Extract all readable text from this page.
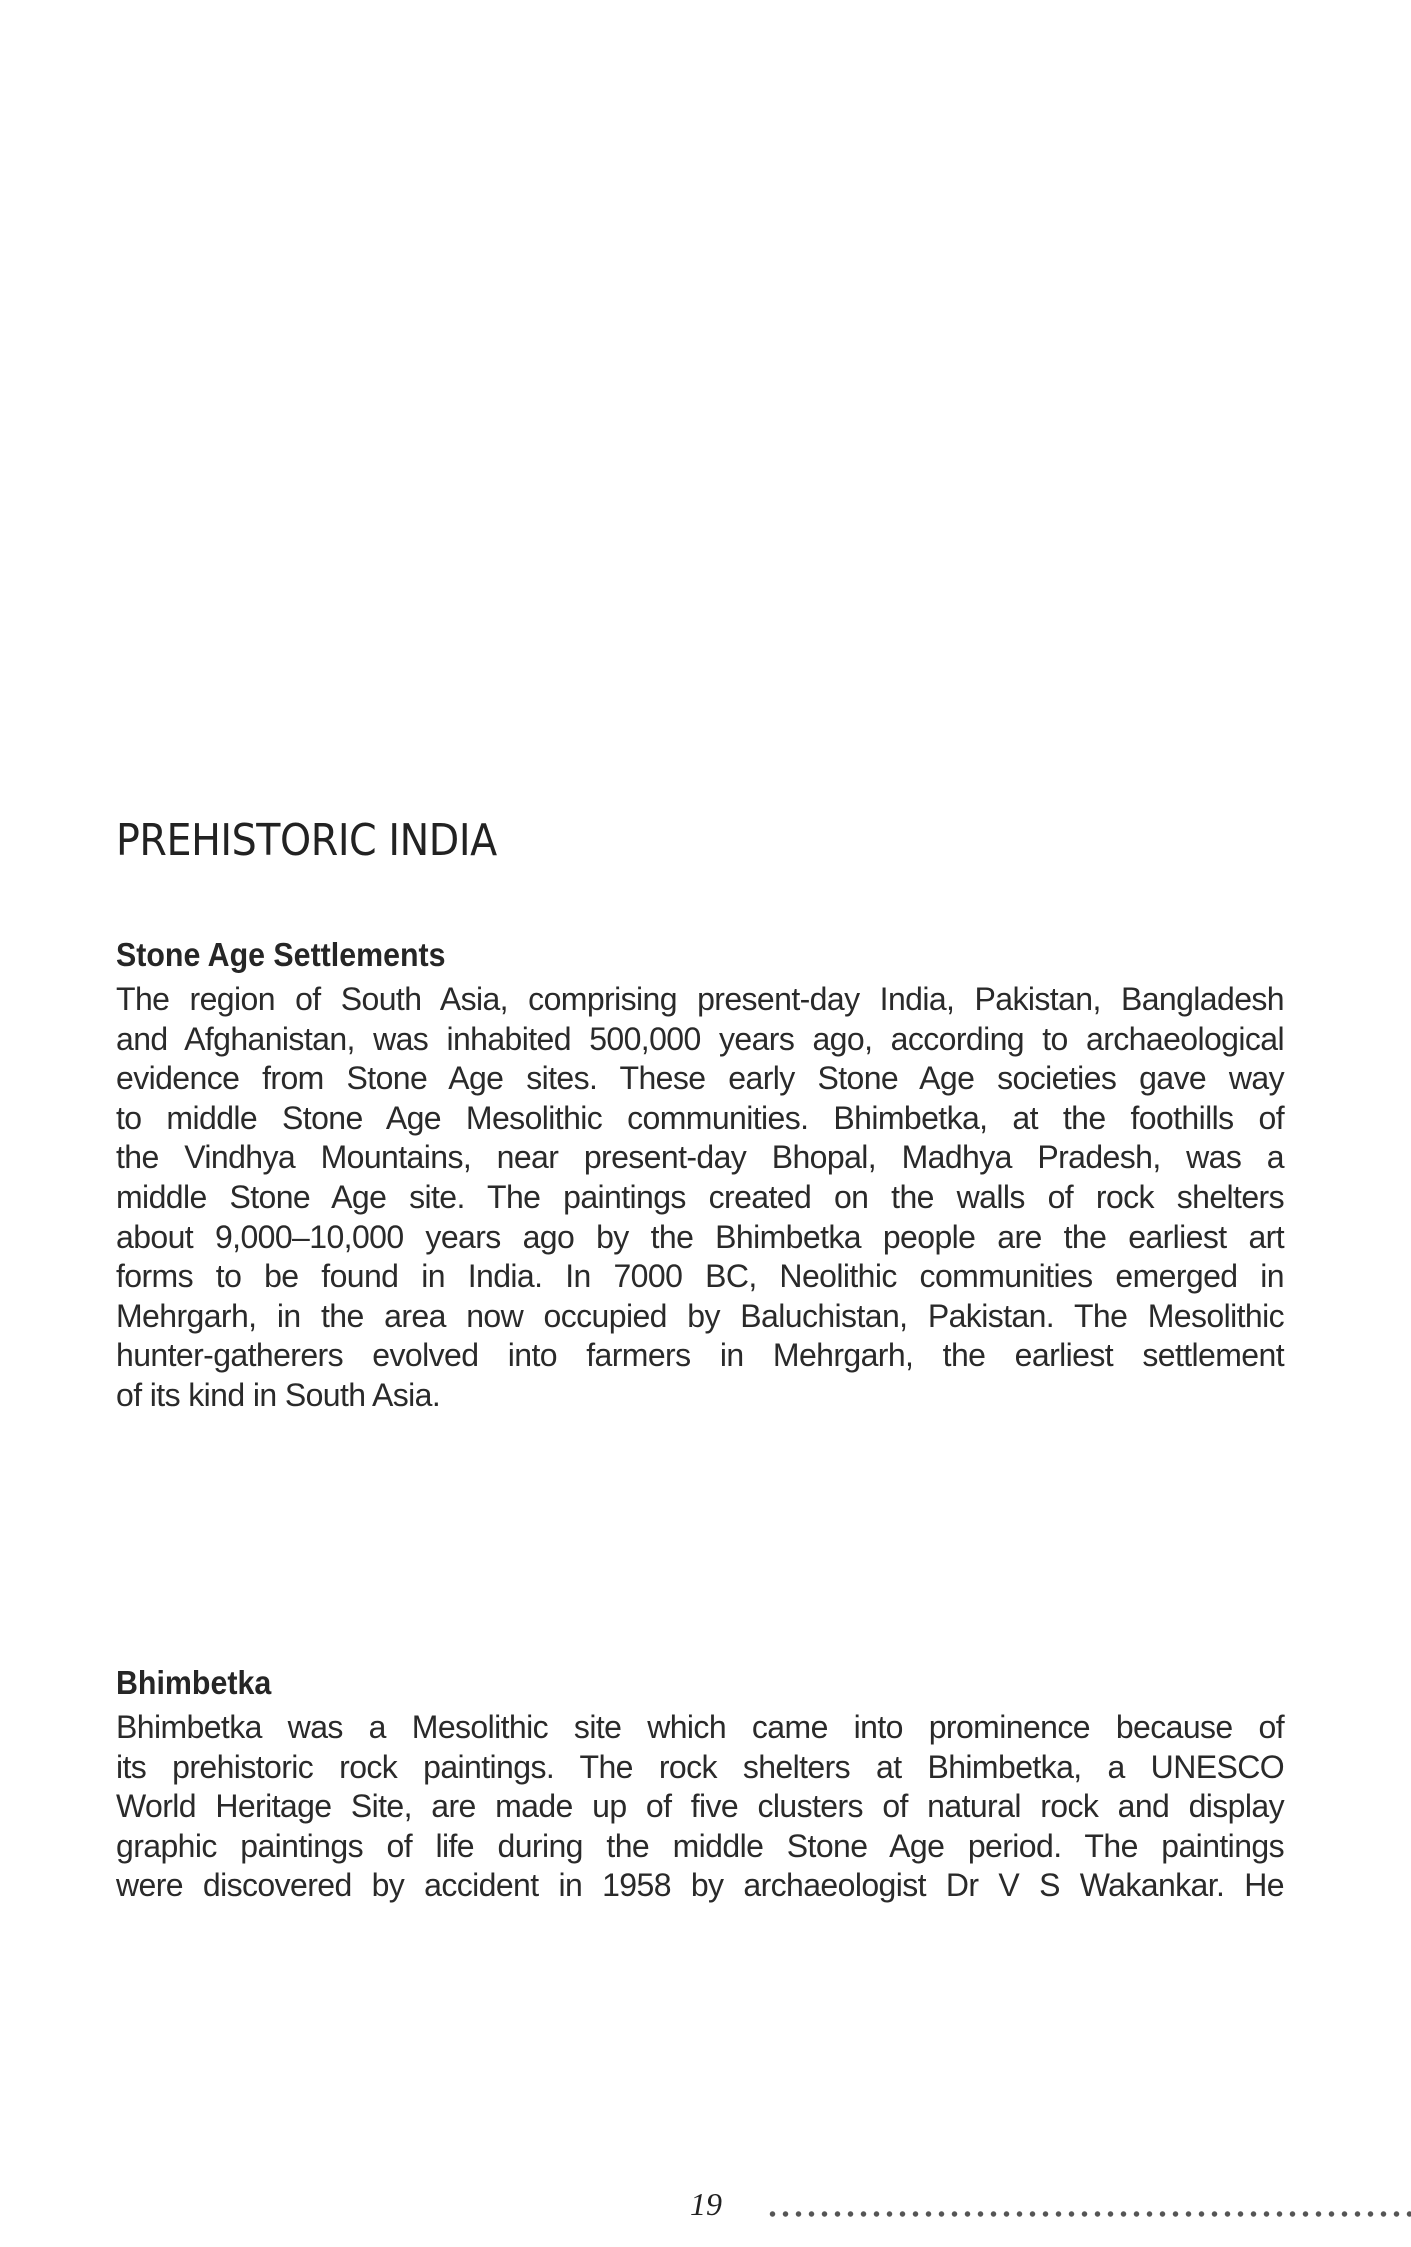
PREHISTORIC INDIA
Stone Age Settlements

The region of South Asia, comprising present-day India, Pakistan, Bangladesh
and Afghanistan, was inhabited 500,000 years ago, according to archaeological
evidence from Stone Age sites. These early Stone Age societies gave way
to middle Stone Age Mesolithic communities. Bhimbetka, at the foothills of
the Vindhya Mountains, near present-day Bhopal, Madhya Pradesh, was a
middle Stone Age site. The paintings created on the walls of rock shelters
about 9,000–10,000 years ago by the Bhimbetka people are the earliest art
forms to be found in India. In 7000 BC, Neolithic communities emerged in
Mehrgarh, in the area now occupied by Baluchistan, Pakistan. The Mesolithic
hunter-gatherers evolved into farmers in Mehrgarh, the earliest settlement
of its kind in South Asia.

Bhimbetka

Bhimbetka was a Mesolithic site which came into prominence because of
its prehistoric rock paintings. The rock shelters at Bhimbetka, a UNESCO
World Heritage Site, are made up of five clusters of natural rock and display
graphic paintings of life during the middle Stone Age period. The paintings
were discovered by accident in 1958 by archaeologist Dr V S Wakankar. He

19
